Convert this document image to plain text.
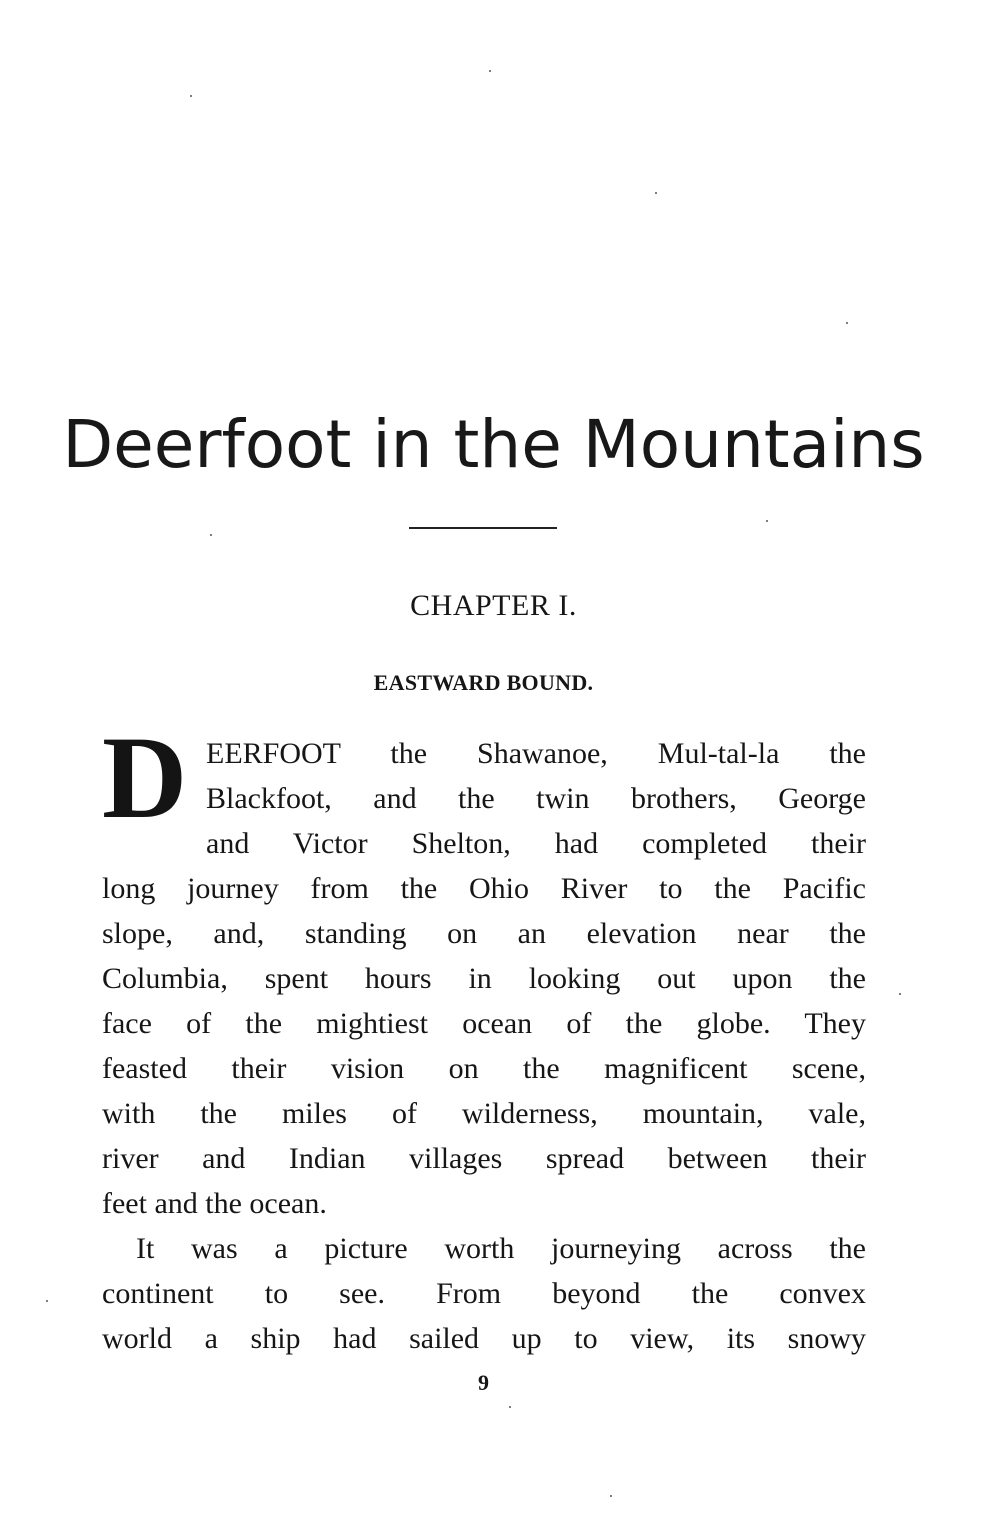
Deerfoot in the Mountains
CHAPTER I.
EASTWARD BOUND.
D EERFOOT the Shawanoe, Mul-tal-la the
Blackfoot, and the twin brothers, George
and Victor Shelton, had completed their
long journey from the Ohio River to the Pacific
slope, and, standing on an elevation near the
Columbia, spent hours in looking out upon the
face of the mightiest ocean of the globe. They
feasted their vision on the magnificent scene,
with the miles of wilderness, mountain, vale,
river and Indian villages spread between their
feet and the ocean.
It was a picture worth journeying across the
continent to see. From beyond the convex
world a ship had sailed up to view, its snowy
9
